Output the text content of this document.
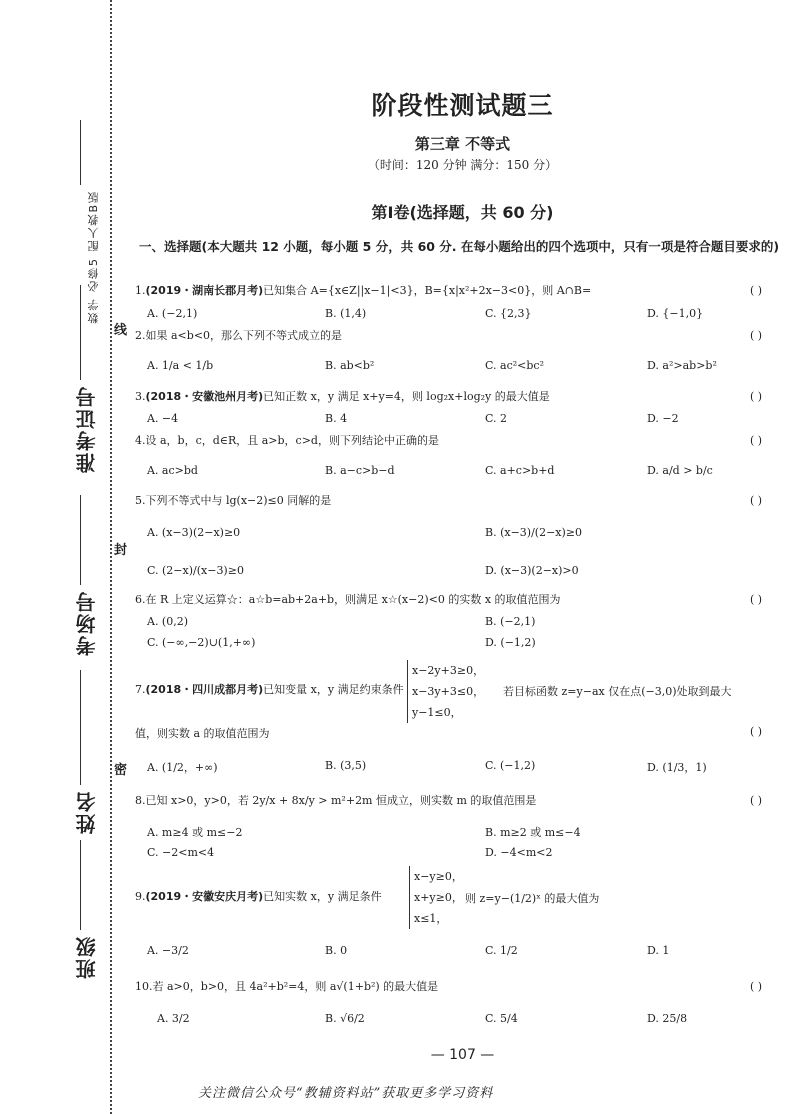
数学 必修5 配人教B版
准考证号
考场号
姓名
班级
线
封
密
阶段性测试题三
第三章 不等式
（时间：120 分钟 满分：150 分）
第Ⅰ卷(选择题，共 60 分)
一、选择题(本大题共 12 小题，每小题 5 分，共 60 分. 在每小题给出的四个选项中，只有一项是符合题目要求的)
1.(2019・湖南长郡月考)已知集合 A={x∈Z||x−1|<3}，B={x|x²+2x−3<0}，则 A∩B=	( )
A. (−2,1)	B. (1,4)	C. {2,3}	D. {−1,0}
2.如果 a<b<0，那么下列不等式成立的是	( )
A. 1/a < 1/b	B. ab<b²	C. ac²<bc²	D. a²>ab>b²
3.(2018・安徽池州月考)已知正数 x，y 满足 x+y=4，则 log₂x+log₂y 的最大值是	( )
A. −4	B. 4	C. 2	D. −2
4.设 a，b，c，d∈R，且 a>b，c>d，则下列结论中正确的是	( )
A. ac>bd	B. a−c>b−d	C. a+c>b+d	D. a/d > b/c
5.下列不等式中与 lg(x−2)≤0 同解的是	( )
A. (x−3)(2−x)≥0	B. (x−3)/(2−x)≥0
C. (2−x)/(x−3)≥0	D. (x−3)(2−x)>0
6.在 R 上定义运算☆：a☆b=ab+2a+b，则满足 x☆(x−2)<0 的实数 x 的取值范围为	( )
A. (0,2)	B. (−2,1)
C. (−∞,−2)∪(1,+∞)	D. (−1,2)
7.(2018・四川成都月考)已知变量 x，y 满足约束条件
x−2y+3≥0，
x−3y+3≤0，
y−1≤0，
若目标函数 z=y−ax 仅在点(−3,0)处取到最大
值，则实数 a 的取值范围为	( )
A. (1/2，+∞)	B. (3,5)	C. (−1,2)	D. (1/3，1)
8.已知 x>0，y>0，若 2y/x + 8x/y > m²+2m 恒成立，则实数 m 的取值范围是	( )
A. m≥4 或 m≤−2	B. m≥2 或 m≤−4
C. −2<m<4	D. −4<m<2
9.(2019・安徽安庆月考)已知实数 x，y 满足条件
x−y≥0，
x+y≥0，
x≤1，
则 z=y−(1/2)ˣ 的最大值为
A. −3/2	B. 0	C. 1/2	D. 1
10.若 a>0，b>0，且 4a²+b²=4，则 a√(1+b²) 的最大值是	( )
A. 3/2	B. √6/2	C. 5/4	D. 25/8
— 107 —
关注微信公众号“教辅资料站”获取更多学习资料
